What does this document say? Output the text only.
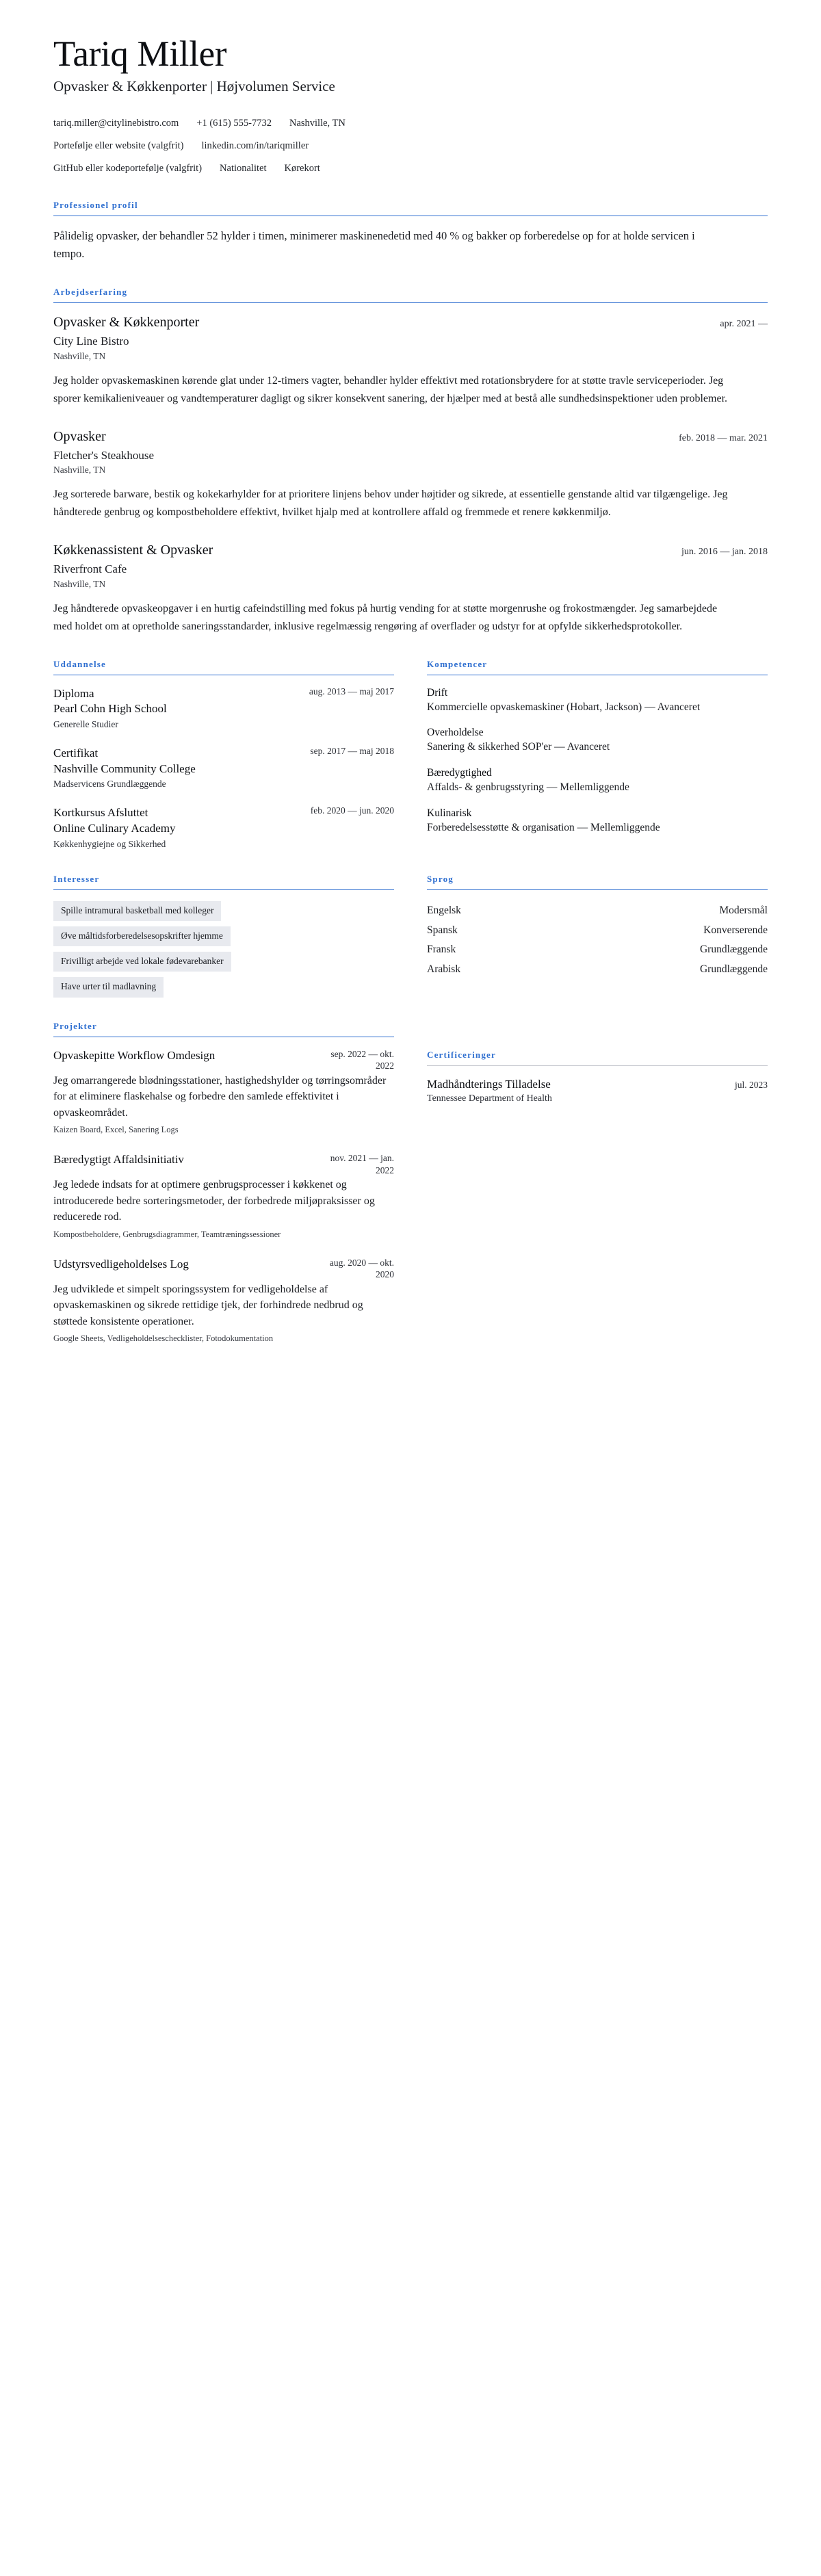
Tariq Miller
Opvasker & Køkkenporter | Højvolumen Service
tariq.miller@citylinebistro.com +1 (615) 555-7732 Nashville, TN
Portefølje eller website (valgfrit) linkedin.com/in/tariqmiller
GitHub eller kodeportefølje (valgfrit) Nationalitet Kørekort
Professionel profil

Pålidelig opvasker, der behandler 52 hylder i timen, minimerer maskinenedetid med 40 % og bakker op forberedelse op for at holde servicen i tempo.

Arbejdserfaring
Opvasker & Køkkenporter	apr. 2021 —
City Line Bistro
Nashville, TN
Jeg holder opvaskemaskinen kørende glat under 12-timers vagter, behandler hylder effektivt med rotationsbrydere for at støtte travle serviceperioder. Jeg sporer kemikalieniveauer og vandtemperaturer dagligt og sikrer konsekvent sanering, der hjælper med at bestå alle sundhedsinspektioner uden problemer.
Opvasker	feb. 2018 — mar. 2021
Fletcher's Steakhouse
Nashville, TN
Jeg sorterede barware, bestik og kokekarhylder for at prioritere linjens behov under højtider og sikrede, at essentielle genstande altid var tilgængelige. Jeg håndterede genbrug og kompostbeholdere effektivt, hvilket hjalp med at kontrollere affald og fremmede et renere køkkenmiljø.
Køkkenassistent & Opvasker	jun. 2016 — jan. 2018
Riverfront Cafe
Nashville, TN
Jeg håndterede opvaskeopgaver i en hurtig cafeindstilling med fokus på hurtig vending for at støtte morgenrushe og frokostmængder. Jeg samarbejdede med holdet om at opretholde saneringsstandarder, inklusive regelmæssig rengøring af overflader og udstyr for at opfylde sikkerhedsprotokoller.
Uddannelse
Diploma
Pearl Cohn High School
Generelle Studier
aug. 2013 — maj 2017
Certifikat
Nashville Community College
Madservicens Grundlæggende
sep. 2017 — maj 2018
Kortkursus Afsluttet
Online Culinary Academy
Køkkenhygiejne og Sikkerhed
feb. 2020 — jun. 2020
Kompetencer
Drift
Kommercielle opvaskemaskiner (Hobart, Jackson) — Avanceret
Overholdelse
Sanering & sikkerhed SOP'er — Avanceret
Bæredygtighed
Affalds- & genbrugsstyring — Mellemliggende
Kulinarisk
Forberedelsesstøtte & organisation — Mellemliggende
Interesser
Spille intramural basketball med kolleger
Øve måltidsforberedelsesopskrifter hjemme
Frivilligt arbejde ved lokale fødevarebanker
Have urter til madlavning
Sprog
Engelsk	Modersmål
Spansk	Konverserende
Fransk	Grundlæggende
Arabisk	Grundlæggende
Projekter
Opvaskepitte Workflow Omdesign	sep. 2022 — okt. 2022
Jeg omarrangerede blødningsstationer, hastighedshylder og tørringsområder for at eliminere flaskehalse og forbedre den samlede effektivitet i opvaskeområdet.
Kaizen Board, Excel, Sanering Logs
Bæredygtigt Affaldsinitiativ	nov. 2021 — jan. 2022
Jeg ledede indsats for at optimere genbrugsprocesser i køkkenet og introducerede bedre sorteringsmetoder, der forbedrede miljøpraksisser og reducerede rod.
Kompostbeholdere, Genbrugsdiagrammer, Teamtræningssessioner
Udstyrsvedligeholdelses Log	aug. 2020 — okt. 2020
Jeg udviklede et simpelt sporingssystem for vedligeholdelse af opvaskemaskinen og sikrede rettidige tjek, der forhindrede nedbrud og støttede konsistente operationer.
Google Sheets, Vedligeholdelseschecklister, Fotodokumentation
Certificeringer
Madhåndterings Tilladelse	jul. 2023
Tennessee Department of Health
